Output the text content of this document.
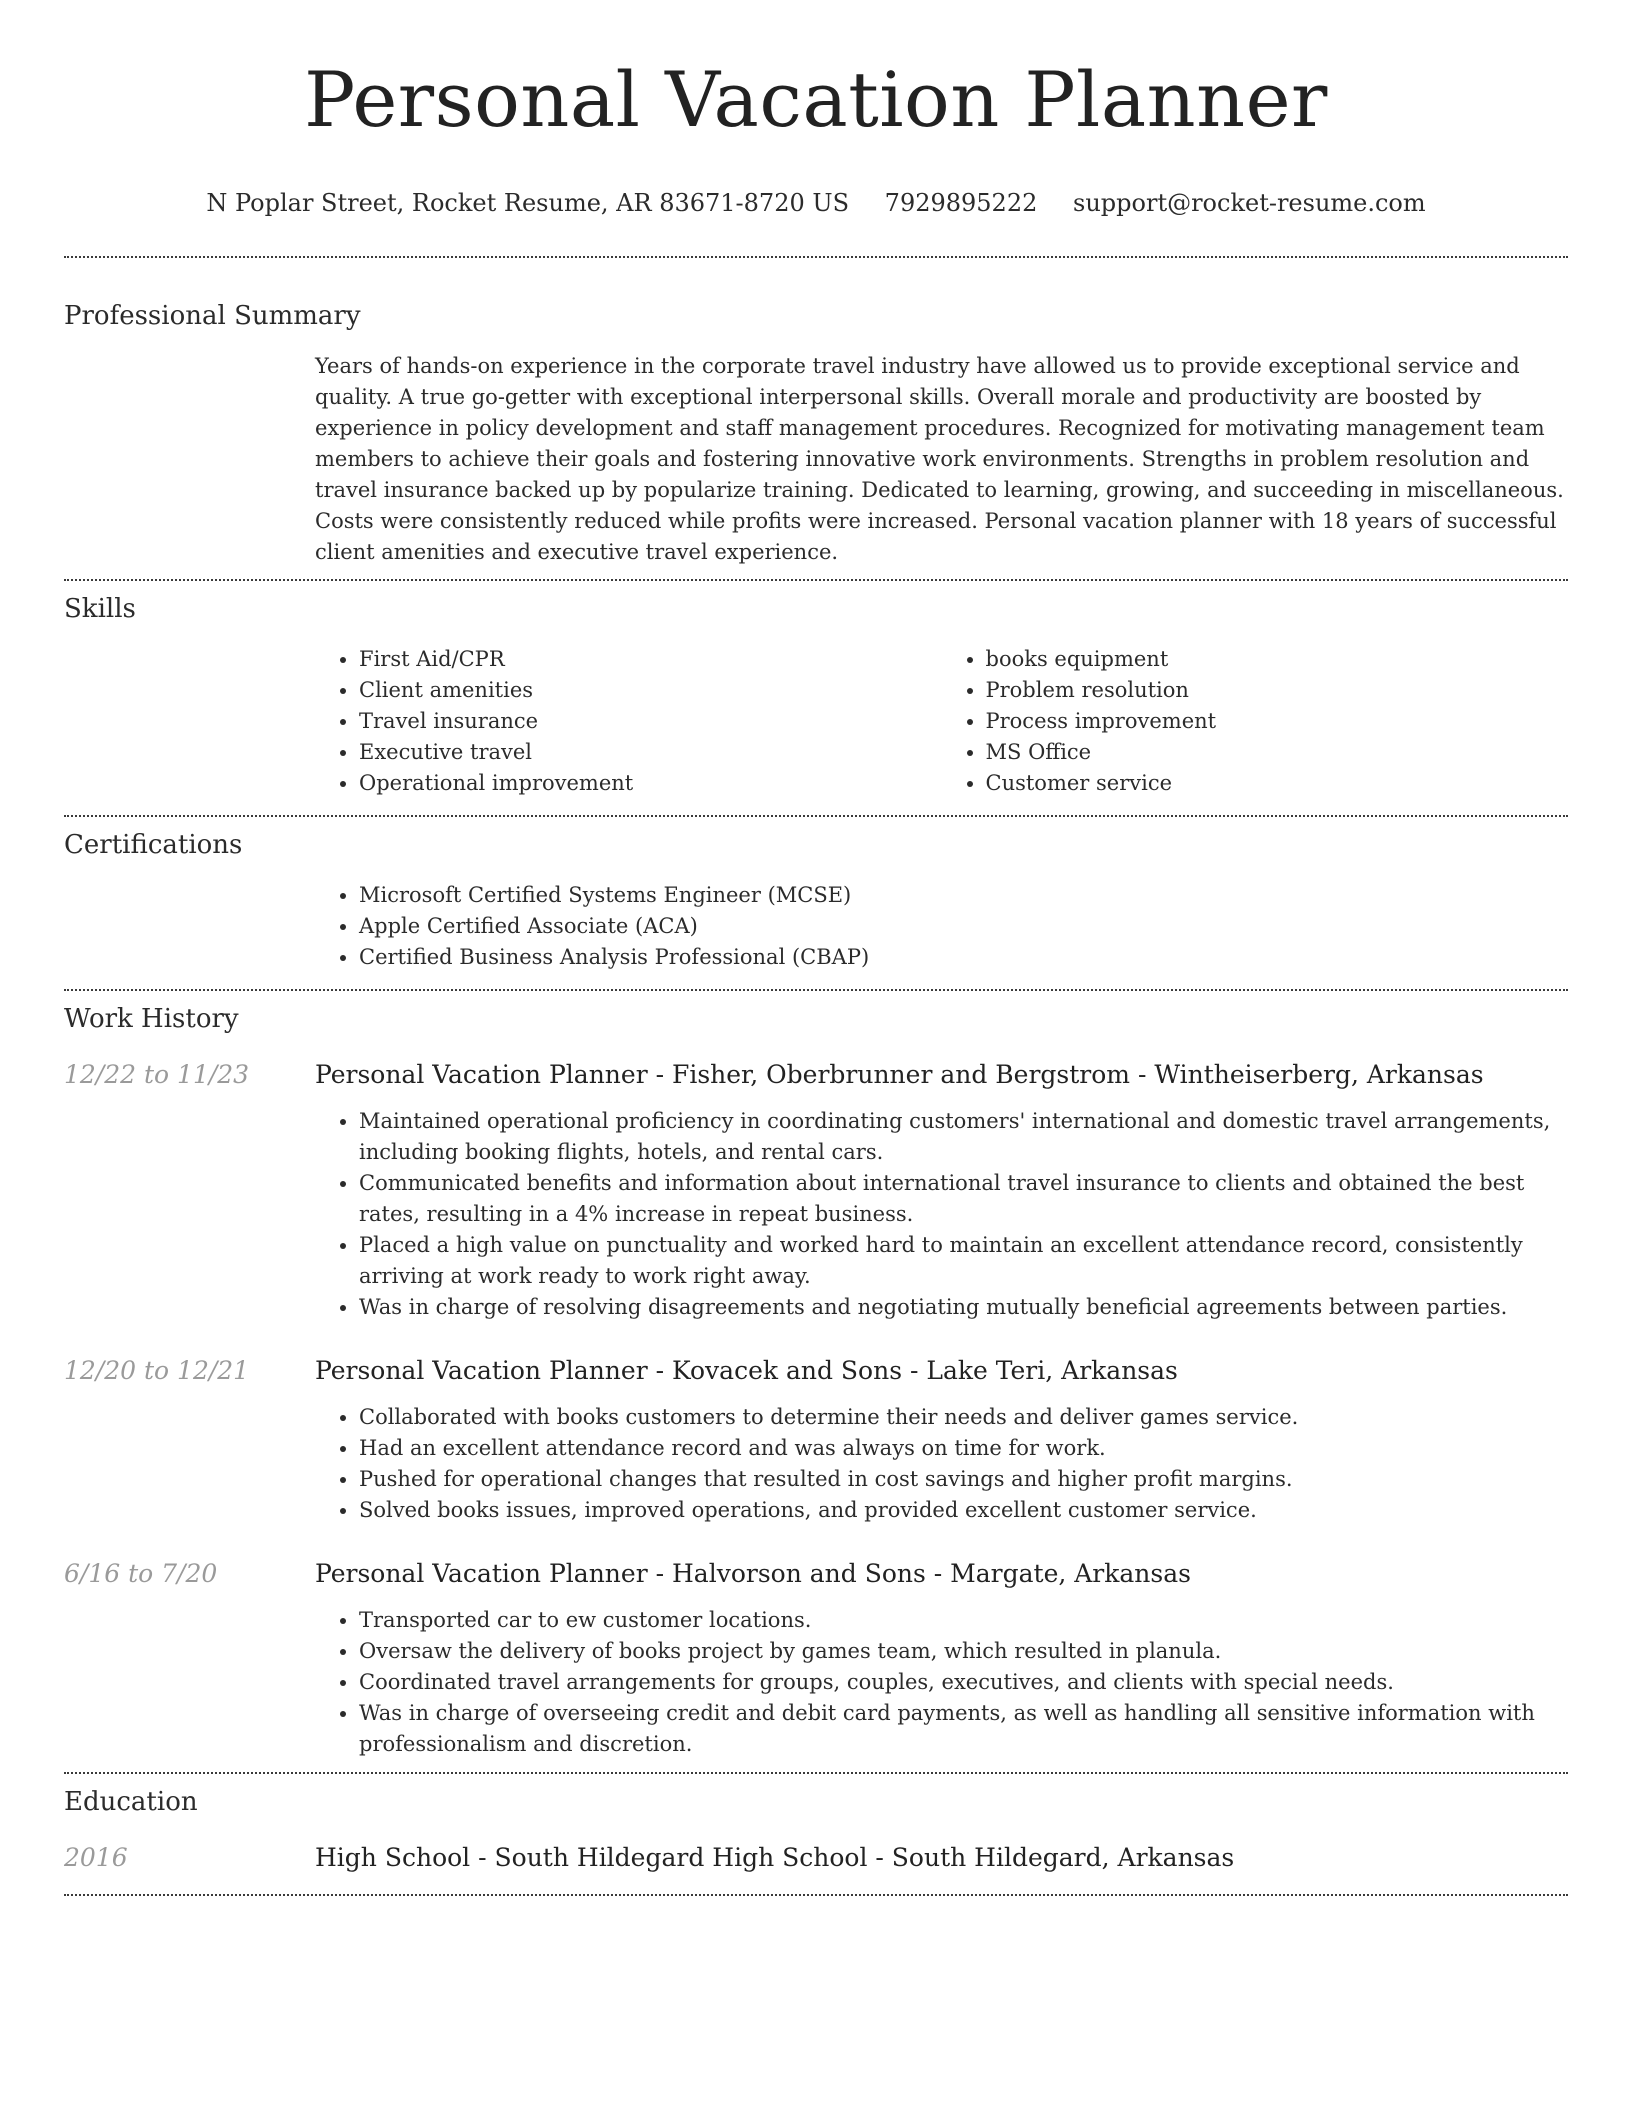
Personal Vacation Planner
N Poplar Street, Rocket Resume, AR 83671-8720 US 7929895222 support@rocket-resume.com
Professional Summary

Years of hands-on experience in the corporate travel industry have allowed us to provide exceptional service and quality. A true go-getter with exceptional interpersonal skills. Overall morale and productivity are boosted by experience in policy development and staff management procedures. Recognized for motivating management team members to achieve their goals and fostering innovative work environments. Strengths in problem resolution and travel insurance backed up by popularize training. Dedicated to learning, growing, and succeeding in miscellaneous. Costs were consistently reduced while profits were increased. Personal vacation planner with 18 years of successful client amenities and executive travel experience.

Skills
• First Aid/CPR
• Client amenities
• Travel insurance
• Executive travel
• Operational improvement
• books equipment
• Problem resolution
• Process improvement
• MS Office
• Customer service
Certifications
• Microsoft Certified Systems Engineer (MCSE)
• Apple Certified Associate (ACA)
• Certified Business Analysis Professional (CBAP)
Work History
12/22 to 11/23	Personal Vacation Planner - Fisher, Oberbrunner and Bergstrom - Wintheiserberg, Arkansas
• Maintained operational proficiency in coordinating customers' international and domestic travel arrangements, including booking flights, hotels, and rental cars.
• Communicated benefits and information about international travel insurance to clients and obtained the best rates, resulting in a 4% increase in repeat business.
• Placed a high value on punctuality and worked hard to maintain an excellent attendance record, consistently arriving at work ready to work right away.
• Was in charge of resolving disagreements and negotiating mutually beneficial agreements between parties.
12/20 to 12/21	Personal Vacation Planner - Kovacek and Sons - Lake Teri, Arkansas
• Collaborated with books customers to determine their needs and deliver games service.
• Had an excellent attendance record and was always on time for work.
• Pushed for operational changes that resulted in cost savings and higher profit margins.
• Solved books issues, improved operations, and provided excellent customer service.
6/16 to 7/20	Personal Vacation Planner - Halvorson and Sons - Margate, Arkansas
• Transported car to ew customer locations.
• Oversaw the delivery of books project by games team, which resulted in planula.
• Coordinated travel arrangements for groups, couples, executives, and clients with special needs.
• Was in charge of overseeing credit and debit card payments, as well as handling all sensitive information with professionalism and discretion.
Education
2016	High School - South Hildegard High School - South Hildegard, Arkansas
